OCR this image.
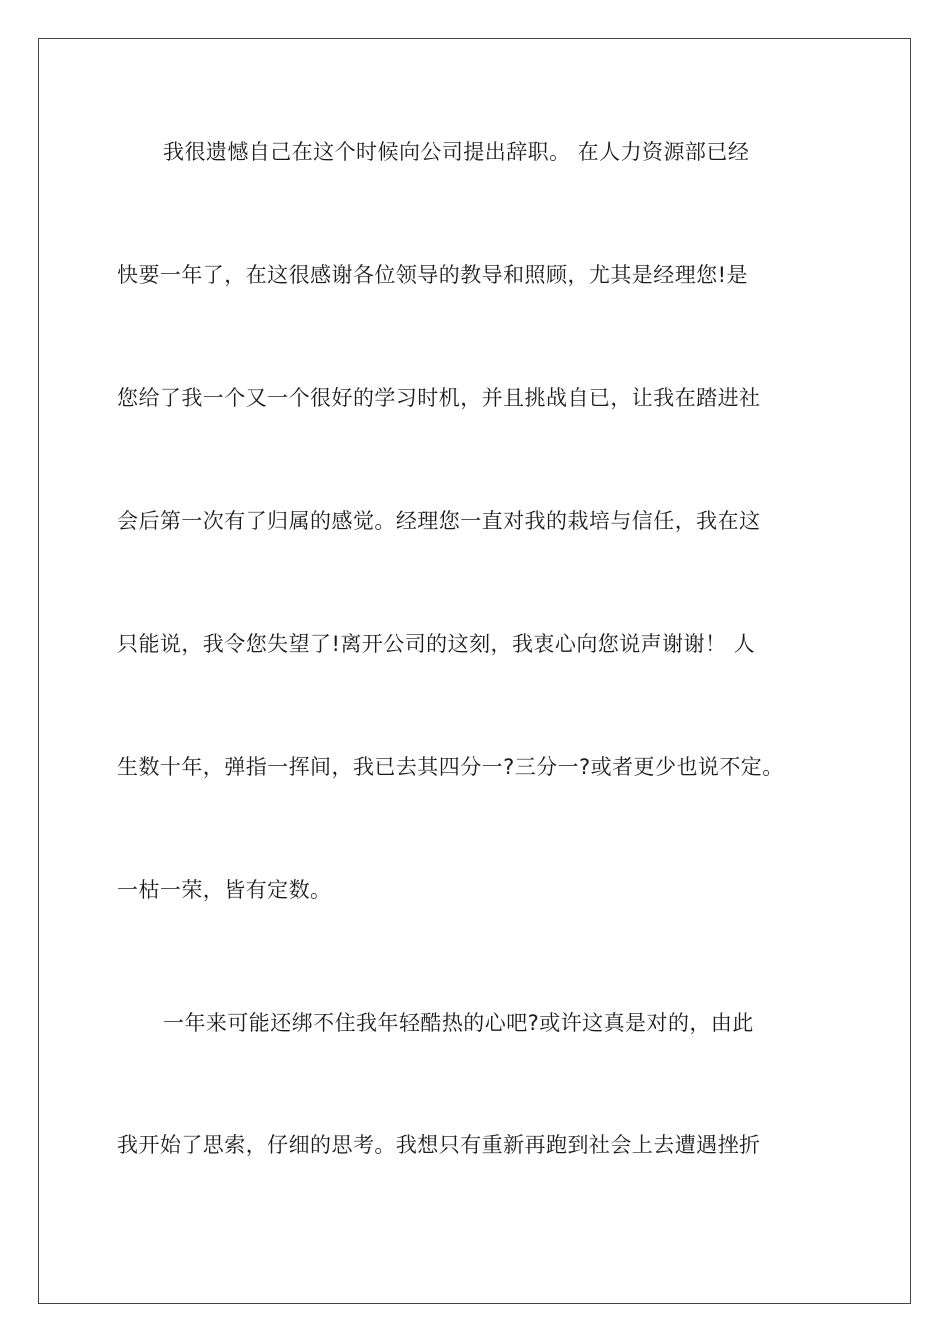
我很遗憾自己在这个时候向公司提出辞职。 在人力资源部已经
快要一年了，在这很感谢各位领导的教导和照顾，尤其是经理您!是
您给了我一个又一个很好的学习时机，并且挑战自已，让我在踏进社
会后第一次有了归属的感觉。经理您一直对我的栽培与信任，我在这
只能说，我令您失望了!离开公司的这刻，我衷心向您说声谢谢！ 人
生数十年，弹指一挥间，我已去其四分一?三分一?或者更少也说不定。
一枯一荣，皆有定数。
一年来可能还绑不住我年轻酷热的心吧?或许这真是对的，由此
我开始了思索，仔细的思考。我想只有重新再跑到社会上去遭遇挫折
